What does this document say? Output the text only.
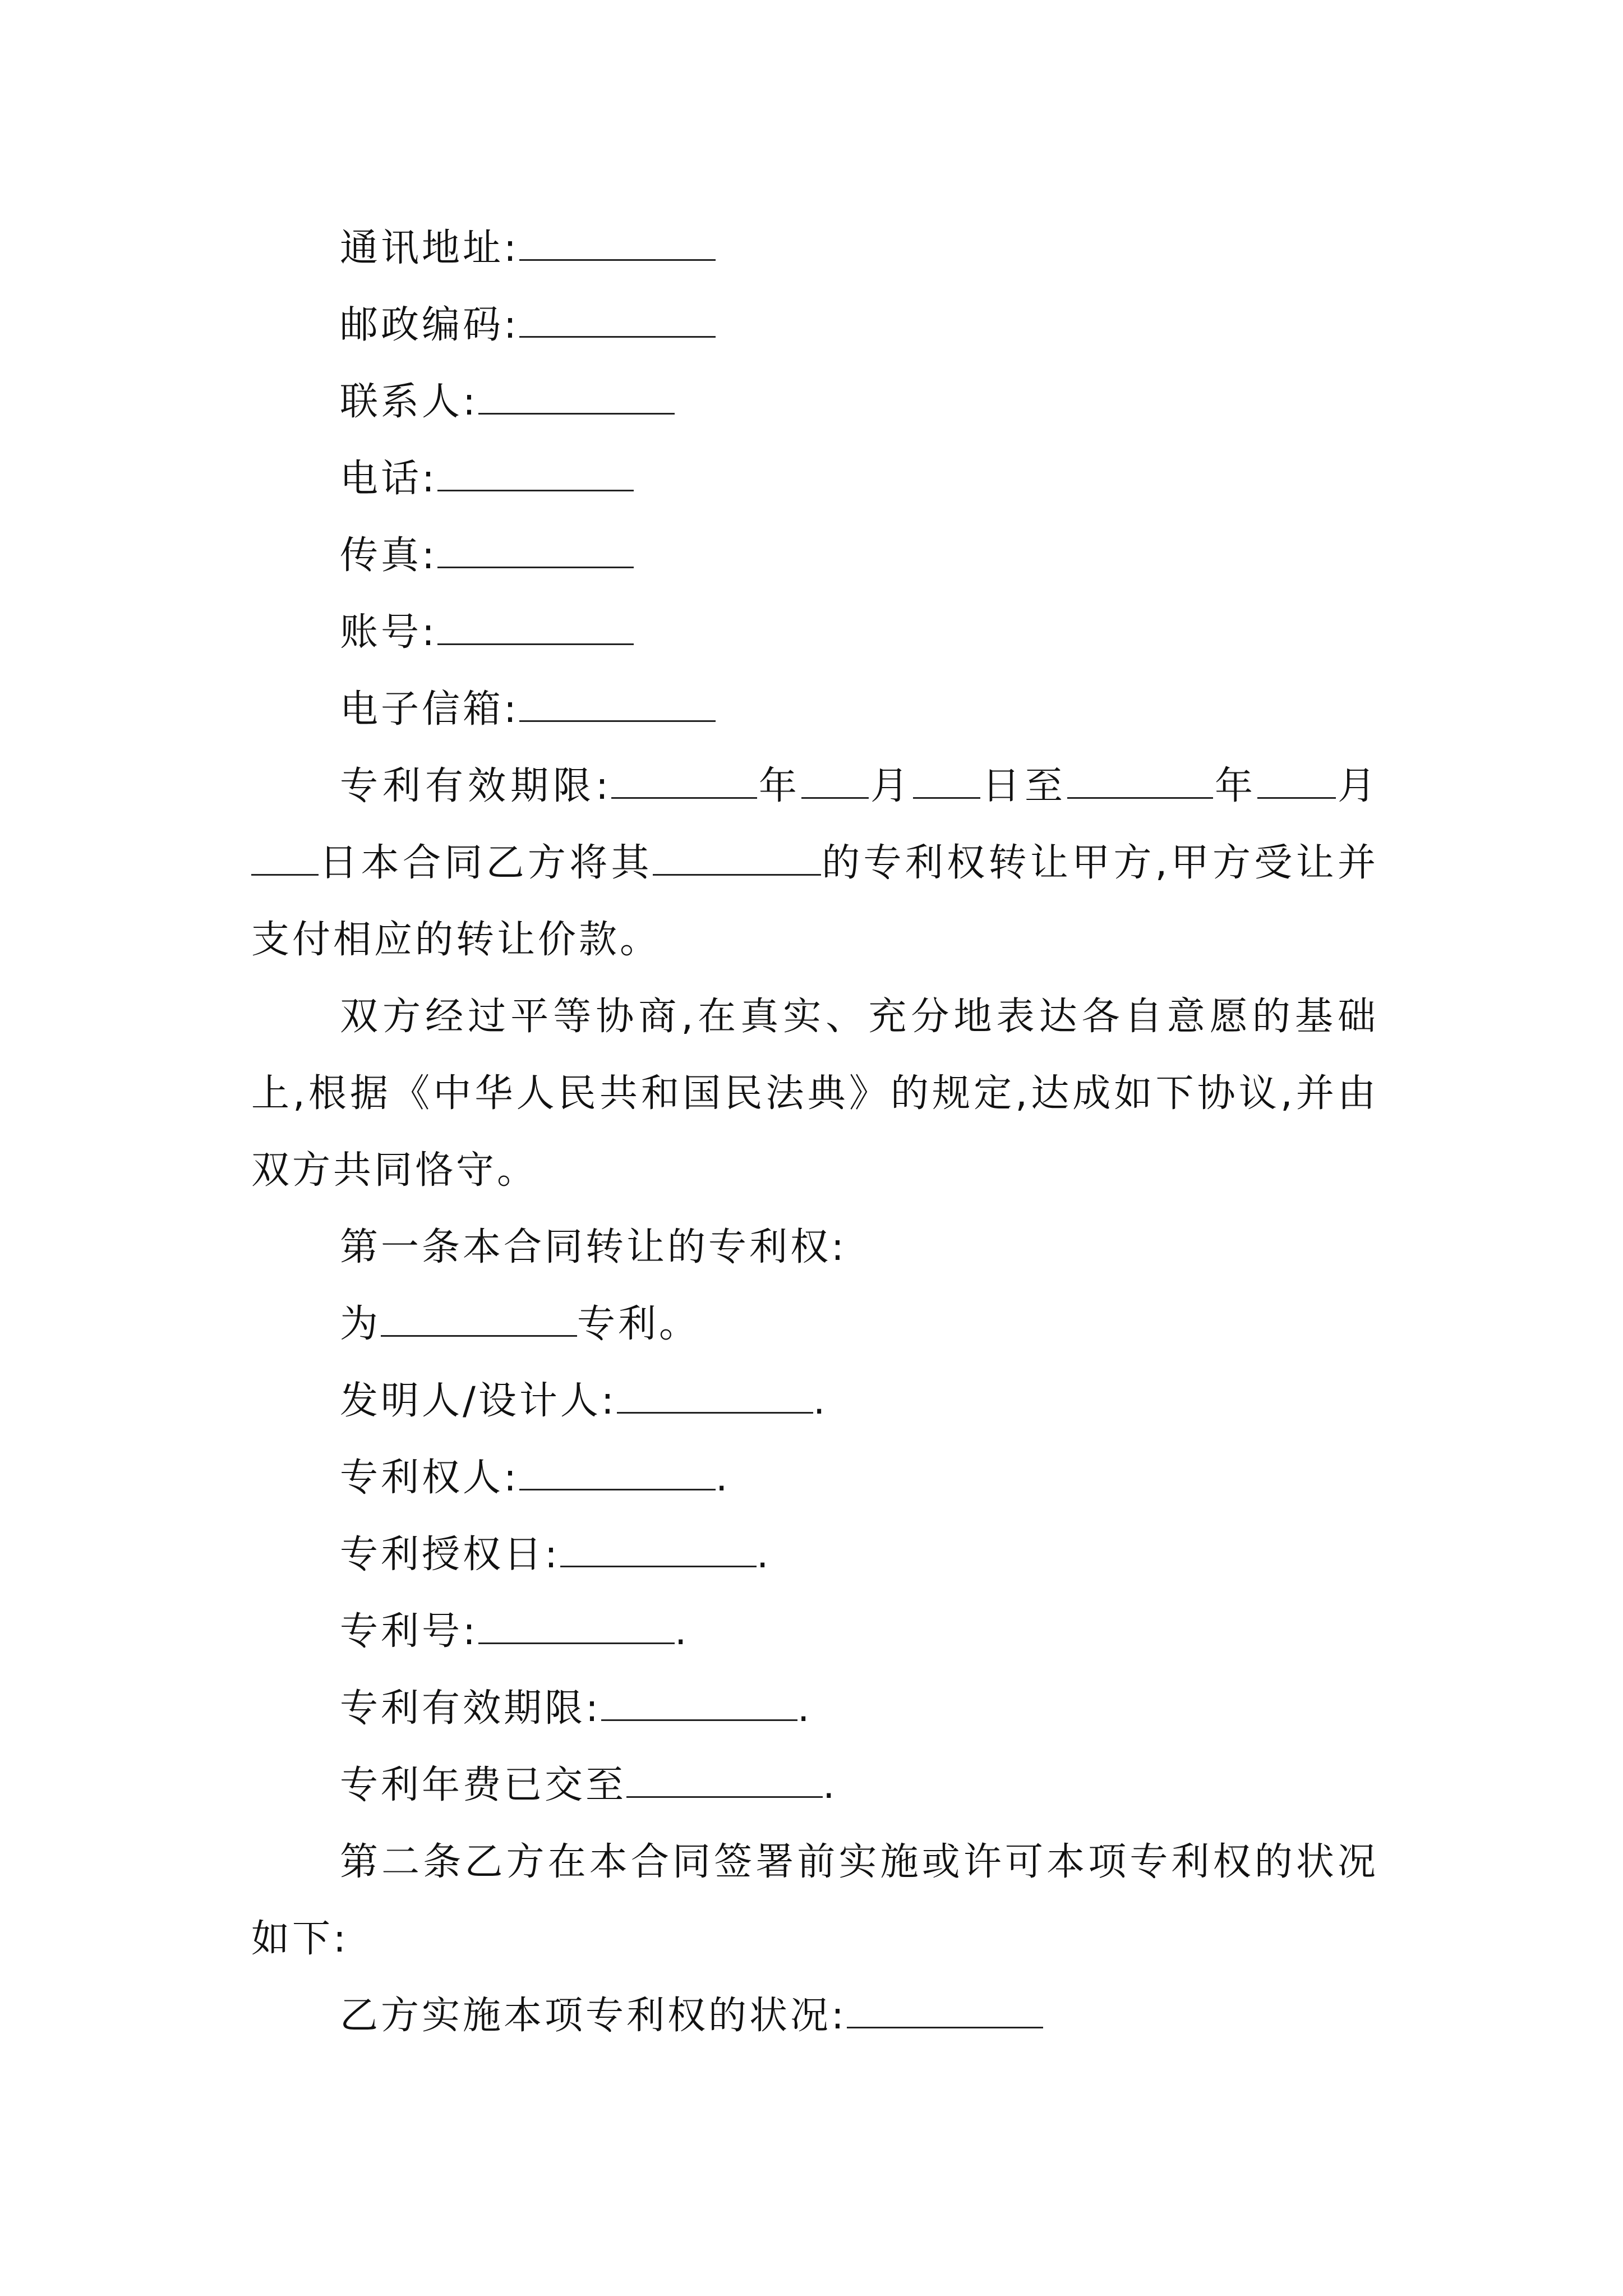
通讯地址:
邮政编码:
联系人:
电话:
传真:
账号:
电子信箱:
专利有效期限:	年 月 日至	年 月日本合同乙方将其	的专利权转让甲方,甲方受让并支付相应的转让价款。
双方经过平等协商,在真实、充分地表达各自意愿的基础上,根据《中华人民共和国民法典》的规定,达成如下协议,并由双方共同恪守。
第一条本合同转让的专利权:
为	专利。
发明人/设计人:	.
专利权人:	.
专利授权日:	.
专利号:	.
专利有效期限:	.
专利年费已交至	.
第二条乙方在本合同签署前实施或许可本项专利权的状况如下:
乙方实施本项专利权的状况:
